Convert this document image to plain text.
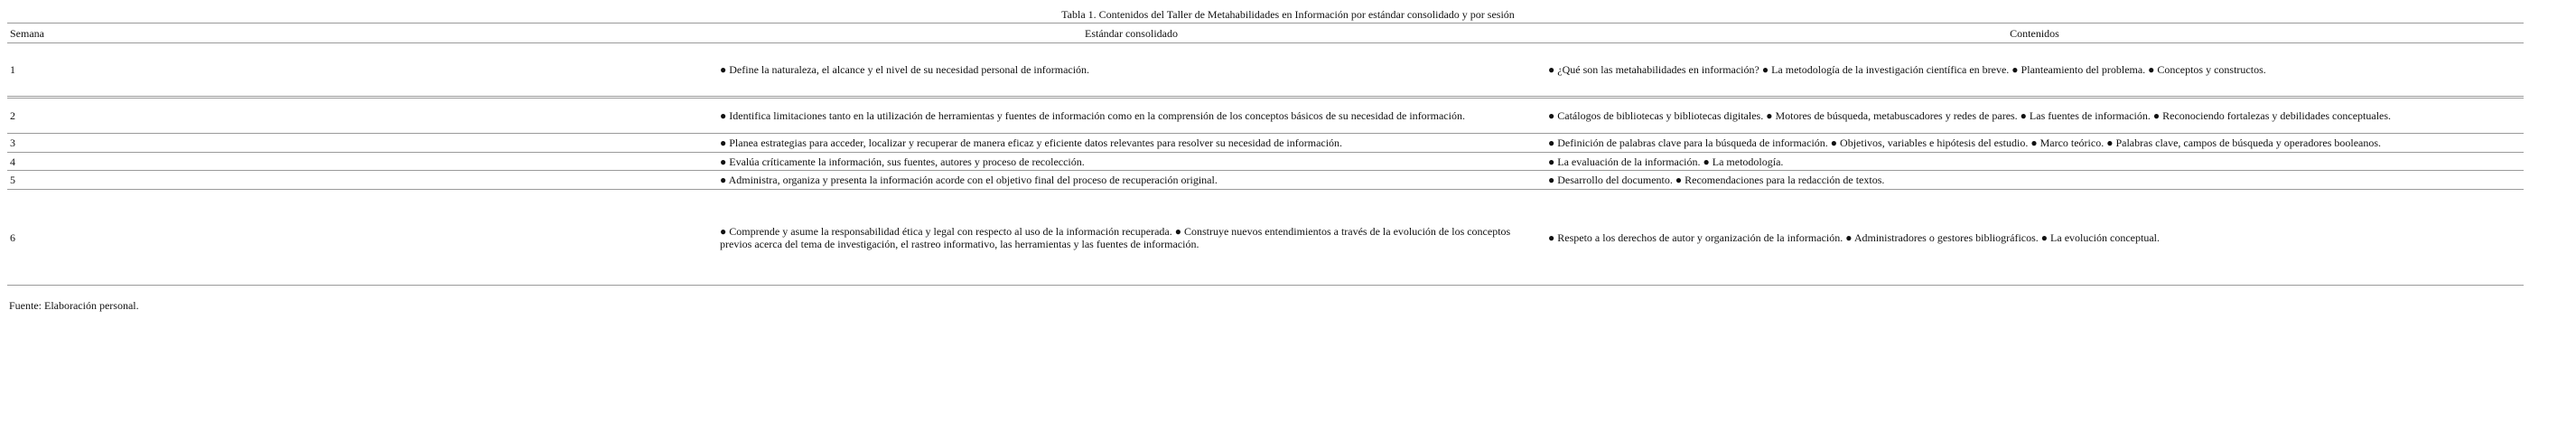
Tabla 1. Contenidos del Taller de Metahabilidades en Información por estándar consolidado y por sesión
Semana	Estándar consolidado	Contenidos
1	● Define la naturaleza, el alcance y el nivel de su necesidad personal de información.	● ¿Qué son las metahabilidades en información? ● La metodología de la investigación científica en breve. ● Planteamiento del problema. ● Conceptos y constructos.
2	● Identifica limitaciones tanto en la utilización de herramientas y fuentes de información como en la comprensión de los conceptos básicos de su necesidad de información.	● Catálogos de bibliotecas y bibliotecas digitales. ● Motores de búsqueda, metabuscadores y redes de pares. ● Las fuentes de información. ● Reconociendo fortalezas y debilidades conceptuales.
3	● Planea estrategias para acceder, localizar y recuperar de manera eficaz y eficiente datos relevantes para resolver su necesidad de información.	● Definición de palabras clave para la búsqueda de información. ● Objetivos, variables e hipótesis del estudio. ● Marco teórico. ● Palabras clave, campos de búsqueda y operadores booleanos.
4	● Evalúa críticamente la información, sus fuentes, autores y proceso de recolección.	● La evaluación de la información. ● La metodología.
5	● Administra, organiza y presenta la información acorde con el objetivo final del proceso de recuperación original.	● Desarrollo del documento. ● Recomendaciones para la redacción de textos.
6	● Comprende y asume la responsabilidad ética y legal con respecto al uso de la información recuperada. ● Construye nuevos entendimientos a través de la evolución de los conceptos previos acerca del tema de investigación, el rastreo informativo, las herramientas y las fuentes de información.	● Respeto a los derechos de autor y organización de la información. ● Administradores o gestores bibliográficos. ● La evolución conceptual.
Fuente: Elaboración personal.
